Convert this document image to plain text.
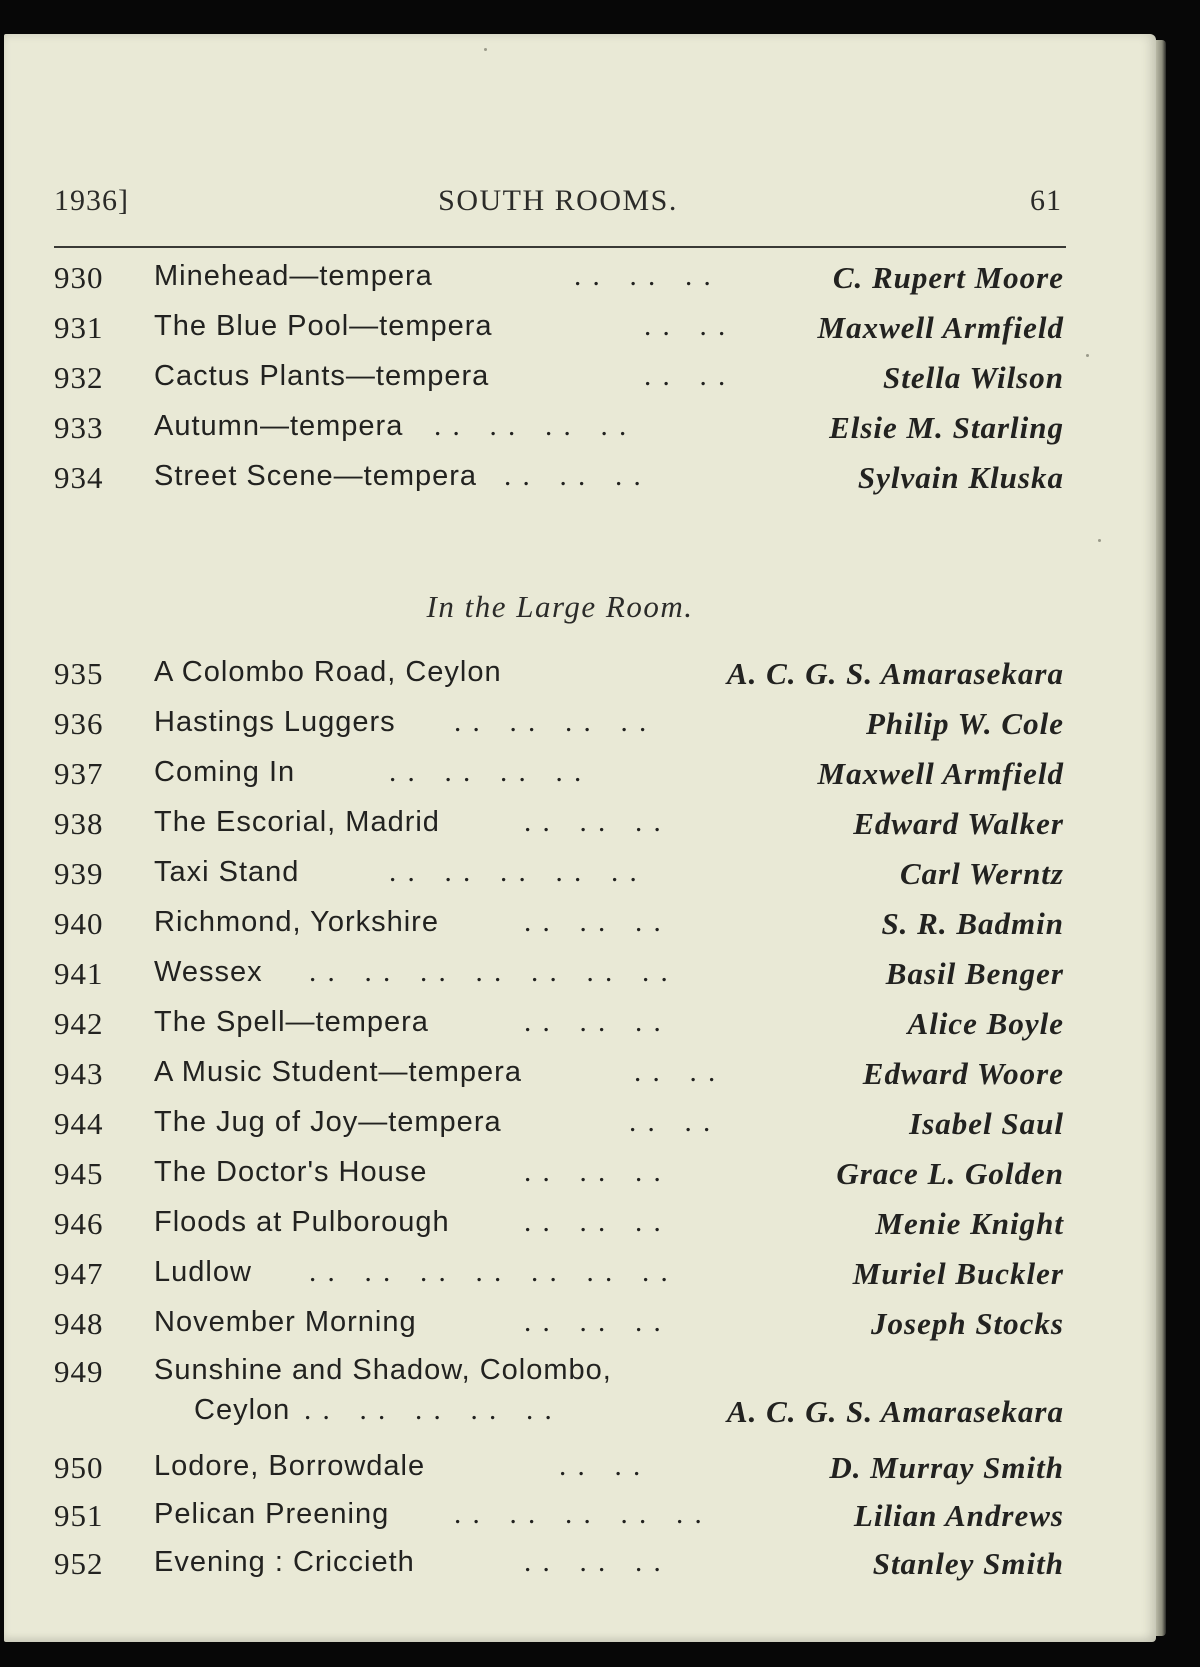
1936]	SOUTH ROOMS.	61
930	Minehead—tempera	. .   . .   . .	C. Rupert Moore
931	The Blue Pool—tempera	. .   . .	Maxwell Armfield
932	Cactus Plants—tempera	. .   . .	Stella Wilson
933	Autumn—tempera . .   . .   . .   . .	Elsie M. Starling
934	Street Scene—tempera . .   . .   . .	Sylvain Kluska
In the Large Room.
935	A Colombo Road, Ceylon	A. C. G. S. Amarasekara
936	Hastings Luggers . .   . .   . .   . .	Philip W. Cole
937	Coming In	. .   . .   . .   . .	Maxwell Armfield
938	The Escorial, Madrid	. .   . .   . .	Edward Walker
939	Taxi Stand	. .   . .   . .   . .   . .	Carl Werntz
940	Richmond, Yorkshire	. .   . .   . .	S. R. Badmin
941	Wessex . .   . .   . .   . .   . .   . .   . .	Basil Benger
942	The Spell—tempera	. .   . .   . .	Alice Boyle
943	A Music Student—tempera	. .   . .	Edward Woore
944	The Jug of Joy—tempera	. .   . .	Isabel Saul
945	The Doctor's House	. .   . .   . .	Grace L. Golden
946	Floods at Pulborough	. .   . .   . .	Menie Knight
947	Ludlow . .   . .   . .   . .   . .   . .   . .	Muriel Buckler
948	November Morning	. .   . .   . .	Joseph Stocks
949	Sunshine and Shadow, Colombo,
Ceylon . .   . .   . .   . .   . .	A. C. G. S. Amarasekara
950	Lodore, Borrowdale	. .   . .	D. Murray Smith
951	Pelican Preening . .   . .   . .   . .   . .	Lilian Andrews
952	Evening : Criccieth	. .   . .   . .	Stanley Smith
